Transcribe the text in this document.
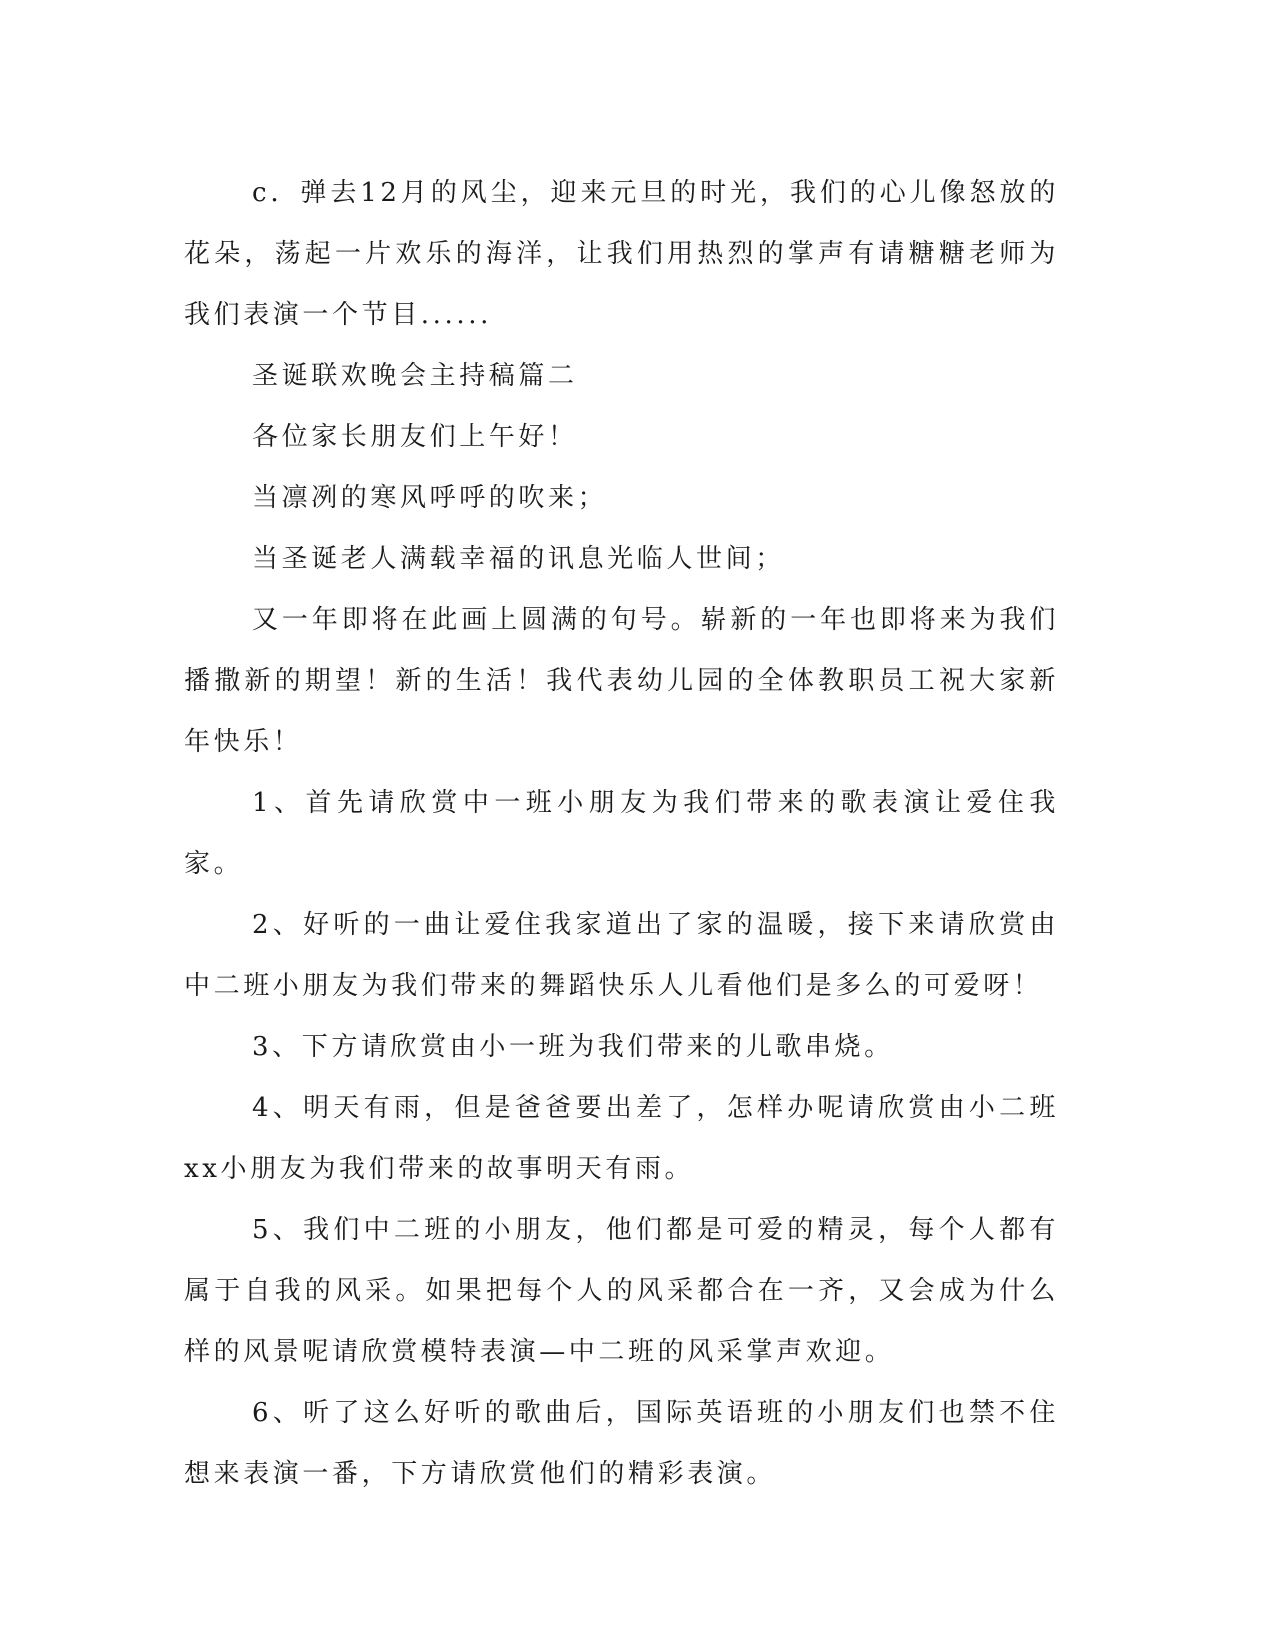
c．弹去12月的风尘，迎来元旦的时光，我们的心儿像怒放的花朵，荡起一片欢乐的海洋，让我们用热烈的掌声有请糖糖老师为我们表演一个节目......

圣诞联欢晚会主持稿篇二

各位家长朋友们上午好！

当凛冽的寒风呼呼的吹来；

当圣诞老人满载幸福的讯息光临人世间；

又一年即将在此画上圆满的句号。崭新的一年也即将来为我们播撒新的期望！新的生活！我代表幼儿园的全体教职员工祝大家新年快乐！

1、首先请欣赏中一班小朋友为我们带来的歌表演让爱住我家。

2、好听的一曲让爱住我家道出了家的温暖，接下来请欣赏由中二班小朋友为我们带来的舞蹈快乐人儿看他们是多么的可爱呀！

3、下方请欣赏由小一班为我们带来的儿歌串烧。

4、明天有雨，但是爸爸要出差了，怎样办呢请欣赏由小二班xx小朋友为我们带来的故事明天有雨。

5、我们中二班的小朋友，他们都是可爱的精灵，每个人都有属于自我的风采。如果把每个人的风采都合在一齐，又会成为什么样的风景呢请欣赏模特表演—中二班的风采掌声欢迎。

6、听了这么好听的歌曲后，国际英语班的小朋友们也禁不住想来表演一番，下方请欣赏他们的精彩表演。
